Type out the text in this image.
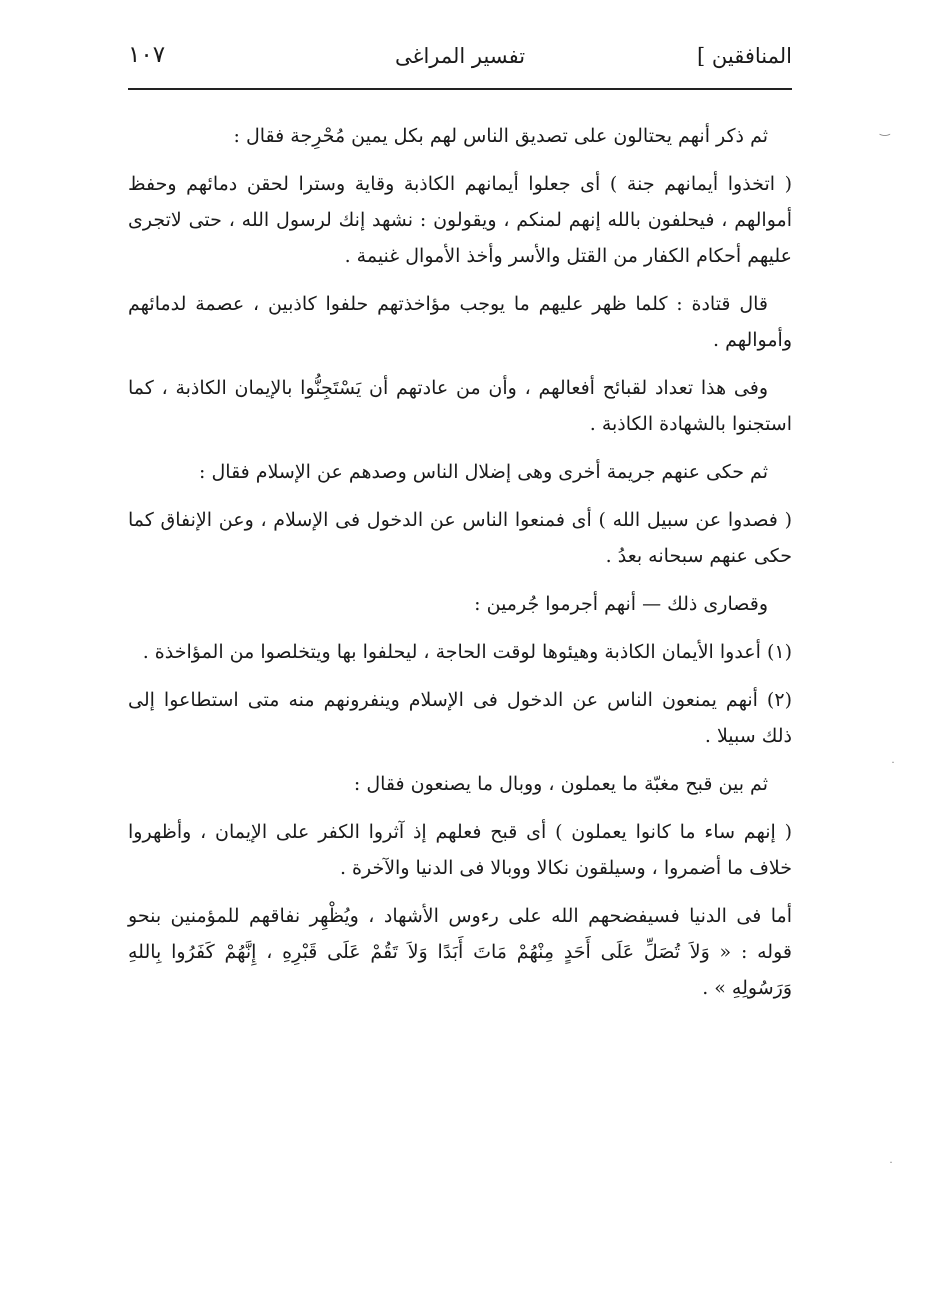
المنافقين ]
تفسير المراغى
١٠٧

ثم ذكر أنهم يحتالون على تصديق الناس لهم بكل يمين مُحْرِجة فقال :

( اتخذوا أيمانهم جنة ) أى جعلوا أيمانهم الكاذبة وقاية وسترا لحقن دمائهم وحفظ أموالهم ، فيحلفون بالله إنهم لمنكم ، ويقولون : نشهد إنك لرسول الله ، حتى لاتجرى عليهم أحكام الكفار من القتل والأسر وأخذ الأموال غنيمة .

قال قتادة : كلما ظهر عليهم ما يوجب مؤاخذتهم حلفوا كاذبين ، عصمة لدمائهم وأموالهم .

وفى هذا تعداد لقبائح أفعالهم ، وأن من عادتهم أن يَسْتَجِنُّوا بالإيمان الكاذبة ، كما استجنوا بالشهادة الكاذبة .

ثم حكى عنهم جريمة أخرى وهى إضلال الناس وصدهم عن الإسلام فقال :

( فصدوا عن سبيل الله ) أى فمنعوا الناس عن الدخول فى الإسلام ، وعن الإنفاق كما حكى عنهم سبحانه بعدُ .

وقصارى ذلك — أنهم أجرموا جُرمين :

(١) أعدوا الأيمان الكاذبة وهيئوها لوقت الحاجة ، ليحلفوا بها ويتخلصوا من المؤاخذة .

(٢) أنهم يمنعون الناس عن الدخول فى الإسلام وينفرونهم منه متى استطاعوا إلى ذلك سبيلا .

ثم بين قبح مغبّة ما يعملون ، ووبال ما يصنعون فقال :

( إنهم ساء ما كانوا يعملون ) أى قبح فعلهم إذ آثروا الكفر على الإيمان ، وأظهروا خلاف ما أضمروا ، وسيلقون نكالا ووبالا فى الدنيا والآخرة .

أما فى الدنيا فسيفضحهم الله على رءوس الأشهاد ، ويُظْهِر نفاقهم للمؤمنين بنحو قوله : « وَلاَ تُصَلِّ عَلَى أَحَدٍ مِنْهُمْ مَاتَ أَبَدًا وَلاَ تَقُمْ عَلَى قَبْرِهِ ، إِنَّهُمْ كَفَرُوا بِاللهِ وَرَسُولِهِ » .

‿
˙
˙
